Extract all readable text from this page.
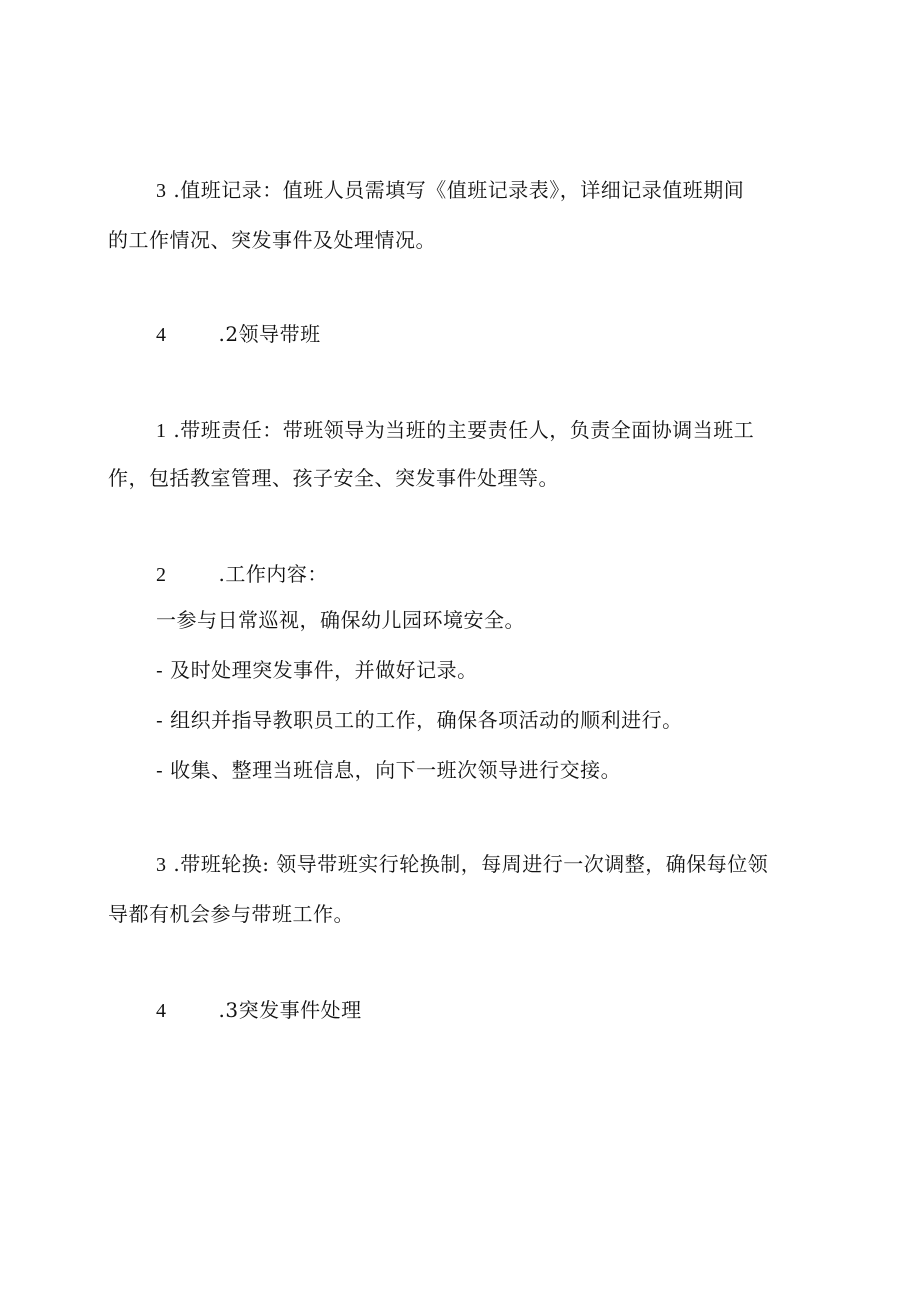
3 .值班记录：值班人员需填写《值班记录表》，详细记录值班期间
的工作情况、突发事件及处理情况。
4	.2领导带班
1 .带班责任：带班领导为当班的主要责任人，负责全面协调当班工
作，包括教室管理、孩子安全、突发事件处理等。
2	.工作内容：
一参与日常巡视，确保幼儿园环境安全。
- 及时处理突发事件，并做好记录。
- 组织并指导教职员工的工作，确保各项活动的顺利进行。
- 收集、整理当班信息，向下一班次领导进行交接。
3 .带班轮换: 领导带班实行轮换制，每周进行一次调整，确保每位领
导都有机会参与带班工作。
4	.3突发事件处理
